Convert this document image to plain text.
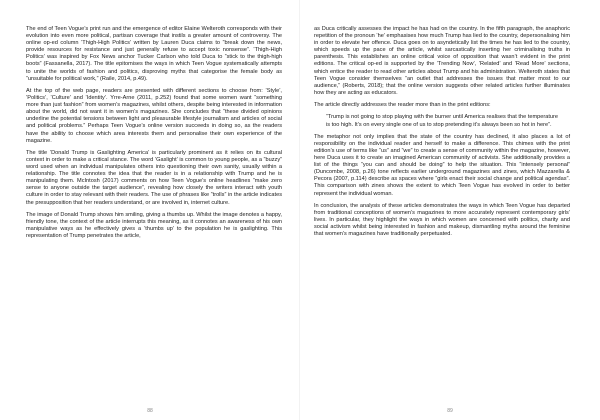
The end of Teen Vogue’s print run and the emergence of editor Elaine Welteroth corresponds with their evolution into even more political, partisan coverage that instils a greater amount of controversy. The online op-ed column ‘Thigh-High Politics’ written by Lauren Duca claims to “break down the news, provide resources for resistance and just generally refuse to accept toxic nonsense”. ‘Thigh-High Politics’ was inspired by Fox News anchor Tucker Carlson who told Duca to “stick to the thigh-high boots” (Fassanella, 2017). The title epitomises the ways in which Teen Vogue systematically attempts to unite the worlds of fashion and politics, disproving myths that categorise the female body as “unsuitable for political work,” (Raile, 2014, p.49).

At the top of the web page, readers are presented with different sections to choose from: ‘Style’, ‘Politics’, ‘Culture’ and ‘Identity’. Yrre-Arne (2011, p.252) found that some women want “something more than just fashion” from women’s magazines, whilst others, despite being interested in information about the world, did not want it in women’s magazines. She concludes that “these divided opinions underline the potential tensions between light and pleasurable lifestyle journalism and articles of social and political problems.” Perhaps Teen Vogue’s online version succeeds in doing so, as the readers have the ability to choose which area interests them and personalise their own experience of the magazine.

The title ‘Donald Trump is Gaslighting America’ is particularly prominent as it relies on its cultural context in order to make a critical stance. The word ‘Gaslight’ is common to young people, as a “buzzy” word used when an individual manipulates others into questioning their own sanity, usually within a relationship. The title connotes the idea that the reader is in a relationship with Trump and he is manipulating them. McIntosh (2017) comments on how Teen Vogue’s online headlines “make zero sense to anyone outside the target audience”, revealing how closely the writers interact with youth culture in order to stay relevant with their readers. The use of phrases like “trolls” in the article indicates the presupposition that her readers understand, or are involved in, internet culture.

The image of Donald Trump shows him smiling, giving a thumbs up. Whilst the image denotes a happy, friendly tone, the context of the article interrupts this meaning, as it connotes an awareness of his own manipulative ways as he effectively gives a ‘thumbs up’ to the population he is gaslighting. This representation of Trump penetrates the article,

88

as Duca critically assesses the impact he has had on the country. In the fifth paragraph, the anaphoric repetition of the pronoun ‘he’ emphasises how much Trump has lied to the country, depersonalising him in order to elevate her offence. Duca goes on to asyndetically list the times he has lied to the country, which speeds up the pace of the article, whilst sarcastically inserting her criminalising truths in parenthesis. This establishes an online critical voice of opposition that wasn’t evident in the print editions. The critical op-ed is supported by the ‘Trending Now’, ‘Related’ and ‘Read More’ sections, which entice the reader to read other articles about Trump and his administration. Welteroth states that Teen Vogue consider themselves “an outlet that addresses the issues that matter most to our audience,” (Roberts, 2018); that the online version suggests other related articles further illuminates how they are acting as educators.

The article directly addresses the reader more than in the print editions:

“Trump is not going to stop playing with the burner until America realises that the temperature is too high. It’s on every single one of us to stop pretending it’s always been so hot in here”.

The metaphor not only implies that the state of the country has declined, it also places a lot of responsibility on the individual reader and herself to make a difference. This chimes with the print edition’s use of terms like “us” and “we” to create a sense of community within the magazine, however, here Duca uses it to create an imagined American community of activists. She additionally provides a list of the things “you can and should be doing” to help the situation. This “intensely personal” (Duncombe, 2008, p.26) tone reflects earlier underground magazines and zines, which Mazzarella & Pecora (2007, p.114) describe as spaces where “girls enact their social change and political agendas”. This comparison with zines shows the extent to which Teen Vogue has evolved in order to better represent the individual woman.

In conclusion, the analysis of these articles demonstrates the ways in which Teen Vogue has departed from traditional conceptions of women’s magazines to more accurately represent contemporary girls’ lives. In particular, they highlight the ways in which women are concerned with politics, charity and social activism whilst being interested in fashion and makeup, dismantling myths around the feminine that women’s magazines have traditionally perpetuated.

89
